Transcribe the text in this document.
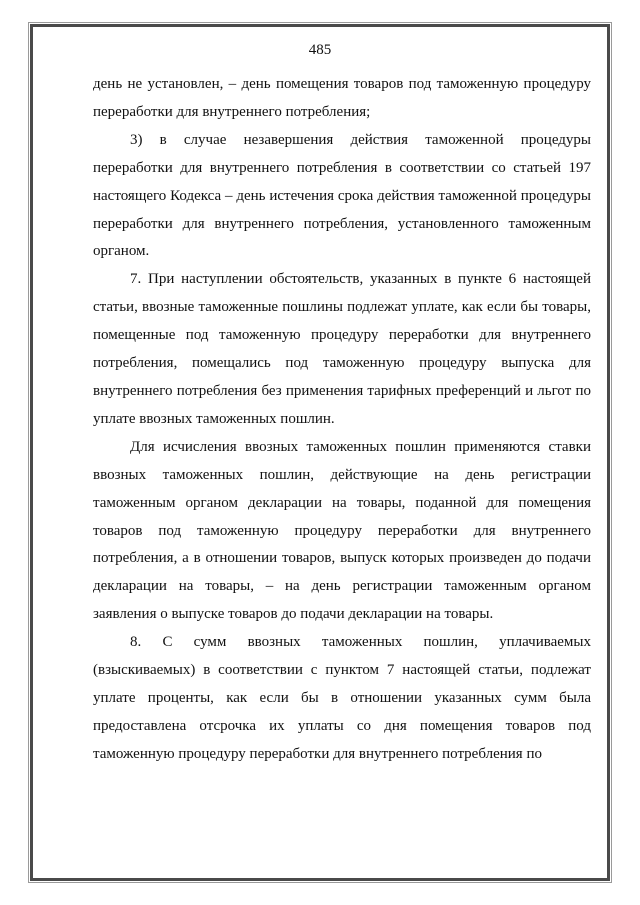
485

день не установлен, – день помещения товаров под таможенную процедуру переработки для внутреннего потребления;

3) в случае незавершения действия таможенной процедуры переработки для внутреннего потребления в соответствии со статьей 197 настоящего Кодекса – день истечения срока действия таможенной процедуры переработки для внутреннего потребления, установленного таможенным органом.

7. При наступлении обстоятельств, указанных в пункте 6 настоящей статьи, ввозные таможенные пошлины подлежат уплате, как если бы товары, помещенные под таможенную процедуру переработки для внутреннего потребления, помещались под таможенную процедуру выпуска для внутреннего потребления без применения тарифных преференций и льгот по уплате ввозных таможенных пошлин.

Для исчисления ввозных таможенных пошлин применяются ставки ввозных таможенных пошлин, действующие на день регистрации таможенным органом декларации на товары, поданной для помещения товаров под таможенную процедуру переработки для внутреннего потребления, а в отношении товаров, выпуск которых произведен до подачи декларации на товары, – на день регистрации таможенным органом заявления о выпуске товаров до подачи декларации на товары.

8. С сумм ввозных таможенных пошлин, уплачиваемых (взыскиваемых) в соответствии с пунктом 7 настоящей статьи, подлежат уплате проценты, как если бы в отношении указанных сумм была предоставлена отсрочка их уплаты со дня помещения товаров под таможенную процедуру переработки для внутреннего потребления по
